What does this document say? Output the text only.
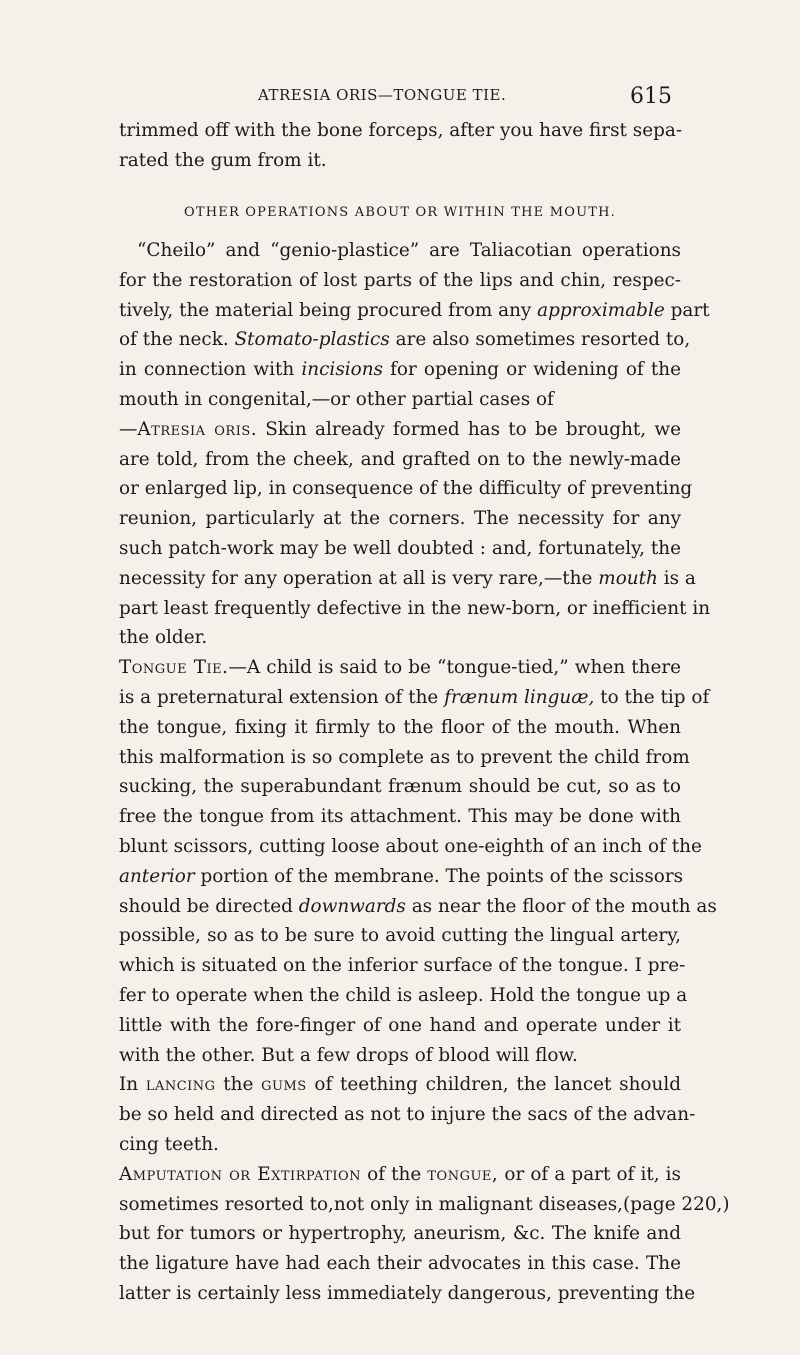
ATRESIA ORIS—TONGUE TIE.	615
trimmed off with the bone forceps, after you have first sepa-
rated the gum from it.
OTHER OPERATIONS ABOUT OR WITHIN THE MOUTH.
“Cheilo” and “genio-plastice” are Taliacotian operations
for the restoration of lost parts of the lips and chin, respec-
tively, the material being procured from any approximable part
of the neck. Stomato-plastics are also sometimes resorted to,
in connection with incisions for opening or widening of the
mouth in congenital,—or other partial cases of
—Atresia oris. Skin already formed has to be brought, we
are told, from the cheek, and grafted on to the newly-made
or enlarged lip, in consequence of the difficulty of preventing
reunion, particularly at the corners. The necessity for any
such patch-work may be well doubted : and, fortunately, the
necessity for any operation at all is very rare,—the mouth is a
part least frequently defective in the new-born, or inefficient in
the older.
Tongue Tie.—A child is said to be “tongue-tied,” when there
is a preternatural extension of the frænum linguæ, to the tip of
the tongue, fixing it firmly to the floor of the mouth. When
this malformation is so complete as to prevent the child from
sucking, the superabundant frænum should be cut, so as to
free the tongue from its attachment. This may be done with
blunt scissors, cutting loose about one-eighth of an inch of the
anterior portion of the membrane. The points of the scissors
should be directed downwards as near the floor of the mouth as
possible, so as to be sure to avoid cutting the lingual artery,
which is situated on the inferior surface of the tongue. I pre-
fer to operate when the child is asleep. Hold the tongue up a
little with the fore-finger of one hand and operate under it
with the other. But a few drops of blood will flow.
In lancing the gums of teething children, the lancet should
be so held and directed as not to injure the sacs of the advan-
cing teeth.
Amputation or Extirpation of the tongue, or of a part of it, is
sometimes resorted to,not only in malignant diseases,(page 220,)
but for tumors or hypertrophy, aneurism, &c. The knife and
the ligature have had each their advocates in this case. The
latter is certainly less immediately dangerous, preventing the
